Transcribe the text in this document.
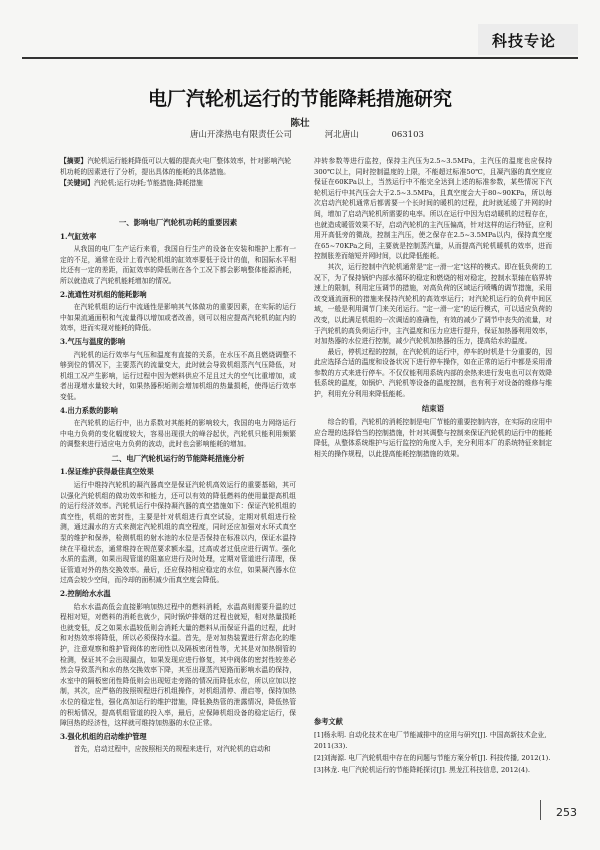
科技专论
电厂汽轮机运行的节能降耗措施研究
陈壮
唐山开滦热电有限责任公司	河北唐山	063103
【摘要】汽轮机运行能耗降低可以大幅的提高火电厂整体效率，针对影响汽轮机功耗的因素进行了分析，提出具体的能耗的具体措施。
【关键词】汽轮机;运行功耗;节能措施;降耗措施
一、影响电厂汽轮机功耗的重要因素
1.气缸效率

从我国的电厂生产运行来看，我国自行生产的设备在安装和维护上都有一定的不足，通常在设计上看汽轮机组的缸效率要低于设计的值，和国际水平相比还有一定的差距，而缸效率的降低则在各个工况下都会影响整体能源消耗，所以就造成了汽轮机能耗增加的情况。

2.流通性对机组的能耗影响

在汽轮机组的运行中流通性是影响其气体做功的重要因素，在实际的运行中如果流通面积和气流量得以增加或者改善，则可以相应提高汽轮机的缸内的效率，进而实现对能耗的降低。

3.气压与温度的影响

汽轮机的运行效率与气压和温度有直接的关系，在水压不高且燃烧调整不够到位的情况下，主要蒸汽的流量变大，此时就会导致机组蒸汽气压降低，对机组工况产生影响，运行过程中因为燃料供应不足且过大的空气比重增加，或者出现增水量较大时，如果热器积垢则会增加机组的热量损耗，使得运行效率变低。

4.出力系数的影响

在汽轮机的运行中，出力系数对其能耗的影响较大，我国的电力网络运行中电力负荷的变化幅度较大，容易出现很大的峰谷起伏，汽轮机只能利用频繁的调整来进行适应电力负荷的波动，此时也会影响能耗的增加。

二、电厂汽轮机运行的节能降耗措施分析
1.保证维护获得最佳真空效果

运行中维持汽轮机的凝汽器真空是保证汽轮机高效运行的重要基础，其可以强化汽轮机组的做功效率和能力，还可以有效的降低燃料的使用量提高机组的运行经济效率。汽轮机运行中保持凝汽器的真空措施如下：保证汽轮机组的真空性，机组的密封性，主要是针对机组进行真空试验，定期对机组进行检测，通过漏水的方式来测定汽轮机组的真空程度，同时还应加强对水环式真空泵的维护和保养，检测机组的射水池的水位是否保持在标准以内，保证水温持续在平稳状态，通常维持在规范要求额水温，过高或者过低应进行调节。强化水质的监测，如果出现管道的阻塞应进行及时处理，定期对管道进行清理，保证管道对外的热交换效率。最后，还应保持相应稳定的水位，如果凝汽器水位过高会较少空间，而冷却的面积减少而真空度会降低。

2.控制给水水温

给水水温高低会直接影响加热过程中的燃料消耗，水温高则需要升温的过程相对短，对燃料的消耗也就少，同时锅炉排烟的过程也就短，相对热量损耗也就变低，反之如果水温较低则会消耗大量的燃料从而保证升温的过程，此时和对热效率将降低，所以必须保持水温。首先，是对加热装置进行常态化的维护，注意观察和维护管阀体的密闭性以及隔板密闭性等，尤其是对加热钢管的检测，保证其不会出现漏点，如果发现应进行修复，其中阀体的密封性较差必然会导致蒸汽和水的热交换效率下降，其至出现蒸汽短路而影响水温的保持，水室中的隔板密闭性降低则会出现短走旁路的情况而降低水位，所以应加以控制，其次，应严格的按照规程进行机组操作，对机组清停、滑启等，保持加热水位的稳定性，强化高加运行的维护措施，降低换热管的泄露情况，降低热管的积垢情况，提高机组管道的投入率，最后，应保障机组设备的稳定运行，保障回热的经济性，这样就可维持加热器的水位正常。

3.强化机组的启动维护管理

首先，启动过程中，应按照相关的规程来进行，对汽轮机的启动和

冲转参数等进行监控，保持主汽压为2.5~3.5MPa，主汽压的温度也应保持300℃以上，同时控制温度的上限，不能超过标准50℃，且凝汽器的真空度应保证在60KPa以上，当然运行中不能完全达到上述的标准参数，某些情况下汽轮机运行中其汽压会大于2.5~3.5MPa，且真空度会大于80~90KPa，所以每次启动汽轮机通常后都需要一个长时间的暖机的过程，此时就延缓了并网的时间，增加了启动汽轮机所需要的电率。所以在运行中因为启动暖机的过程存在，也就造成暖管效果不好，启动汽轮机的主汽压偏高，针对这样的运行特征，应利用开高低旁的微战，控制主汽压，使之保存在2.5~3.5MPa以内，保持真空度在65~70KPa之间，主要就是控制蒸汽量，从而提高汽轮机暖机的效率，进而控制胀差而缩短并网时间，以此降低能耗。

其次，运行控制中汽轮机通常是"定一滑一定"这样的模式。即在低负荷的工况下，为了保持锅炉内部水循环的稳定和燃烧的相对稳定，控制水泵轴在临界转速上的限制，利用定压调节的措施，对高负荷的区域运行喷嘴的调节措施，采用改变通流面积的措施来保持汽轮机的高效率运行；对汽轮机运行的负荷中间区域，一般是利用调节门来关闭运行。"定一滑一定"的运行模式，可以适应负荷的改变，以此满足机组的一次调适的准确性，有效的减少了调节中丧失的流量，对于汽轮机的高负荷运行中，主汽温度和压力应进行提升，保证加热器利用效率，对加热器的水位进行控制，减少汽轮机加热器的压力，提高给水的温度。

最后，停机过程的控制，在汽轮机的运行中，停车的时机是十分重要的，因此应选择合适的温度和设备状况下进行停车操作，如在正常的运行中都是采用滑参数的方式来进行停车。不仅仅能利用系统内部的余热来进行发电也可以有效降低系统的温度，如锅炉、汽轮机等设备的温度控制，也有利于对设备的维修与维护，利用充分利用来降低能耗。

结束语

综合的看，汽轮机的消耗控制是电厂节能的重要控制内容，在实际的应用中应合理的选择恰当的控制措施，针对其调整与控制来保证汽轮机的运行中的能耗降低，从整体系统维护与运行监控的角度入手，充分利用本厂的系统特征来制定相关的操作规程，以此提高能耗控制措施的效果。

参考文献
[1]杨永明. 自动化技术在电厂节能减排中的应用与研究[J]. 中国高新技术企业, 2011(33).
[2]刘海源. 电厂汽轮机组中存在的问题与节能方案分析[J]. 科技传播, 2012(1).
[3]林龙. 电厂汽轮机运行的节能降耗探讨[J]. 黑龙江科技信息, 2012(4).
253
